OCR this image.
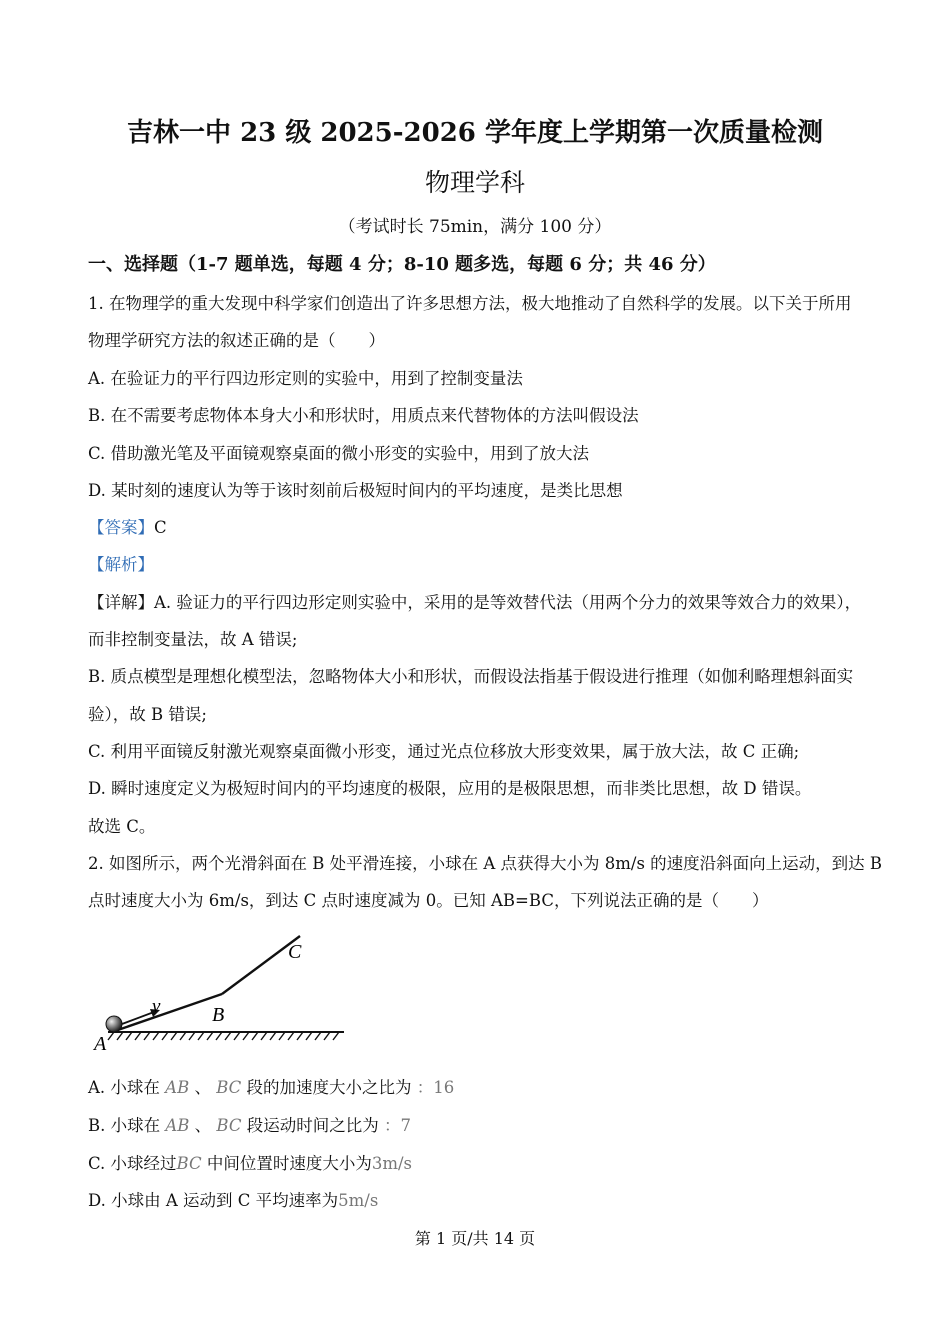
吉林一中 23 级 2025-2026 学年度上学期第一次质量检测
物理学科
（考试时长 75min，满分 100 分）
一、选择题（1-7 题单选，每题 4 分；8-10 题多选，每题 6 分；共 46 分）
1. 在物理学的重大发现中科学家们创造出了许多思想方法，极大地推动了自然科学的发展。以下关于所用
物理学研究方法的叙述正确的是（　　）
A. 在验证力的平行四边形定则的实验中，用到了控制变量法
B. 在不需要考虑物体本身大小和形状时，用质点来代替物体的方法叫假设法
C. 借助激光笔及平面镜观察桌面的微小形变的实验中，用到了放大法
D. 某时刻的速度认为等于该时刻前后极短时间内的平均速度，是类比思想
【答案】C
【解析】
【详解】A. 验证力的平行四边形定则实验中，采用的是等效替代法（用两个分力的效果等效合力的效果），
而非控制变量法，故 A 错误;
B. 质点模型是理想化模型法，忽略物体大小和形状，而假设法指基于假设进行推理（如伽利略理想斜面实
验），故 B 错误;
C. 利用平面镜反射激光观察桌面微小形变，通过光点位移放大形变效果，属于放大法，故 C 正确;
D. 瞬时速度定义为极短时间内的平均速度的极限，应用的是极限思想，而非类比思想，故 D 错误。
故选 C。
2. 如图所示，两个光滑斜面在 B 处平滑连接，小球在 A 点获得大小为 8m/s 的速度沿斜面向上运动，到达 B
点时速度大小为 6m/s，到达 C 点时速度减为 0。已知 AB=BC，下列说法正确的是（　　）
A
B
C
v
A. 小球在 AB 、 BC 段的加速度大小之比为 ：16
B. 小球在 AB 、 BC 段运动时间之比为 ：7
C. 小球经过BC 中间位置时速度大小为3m/s
D. 小球由 A 运动到 C 平均速率为5m/s
第 1 页/共 14 页
